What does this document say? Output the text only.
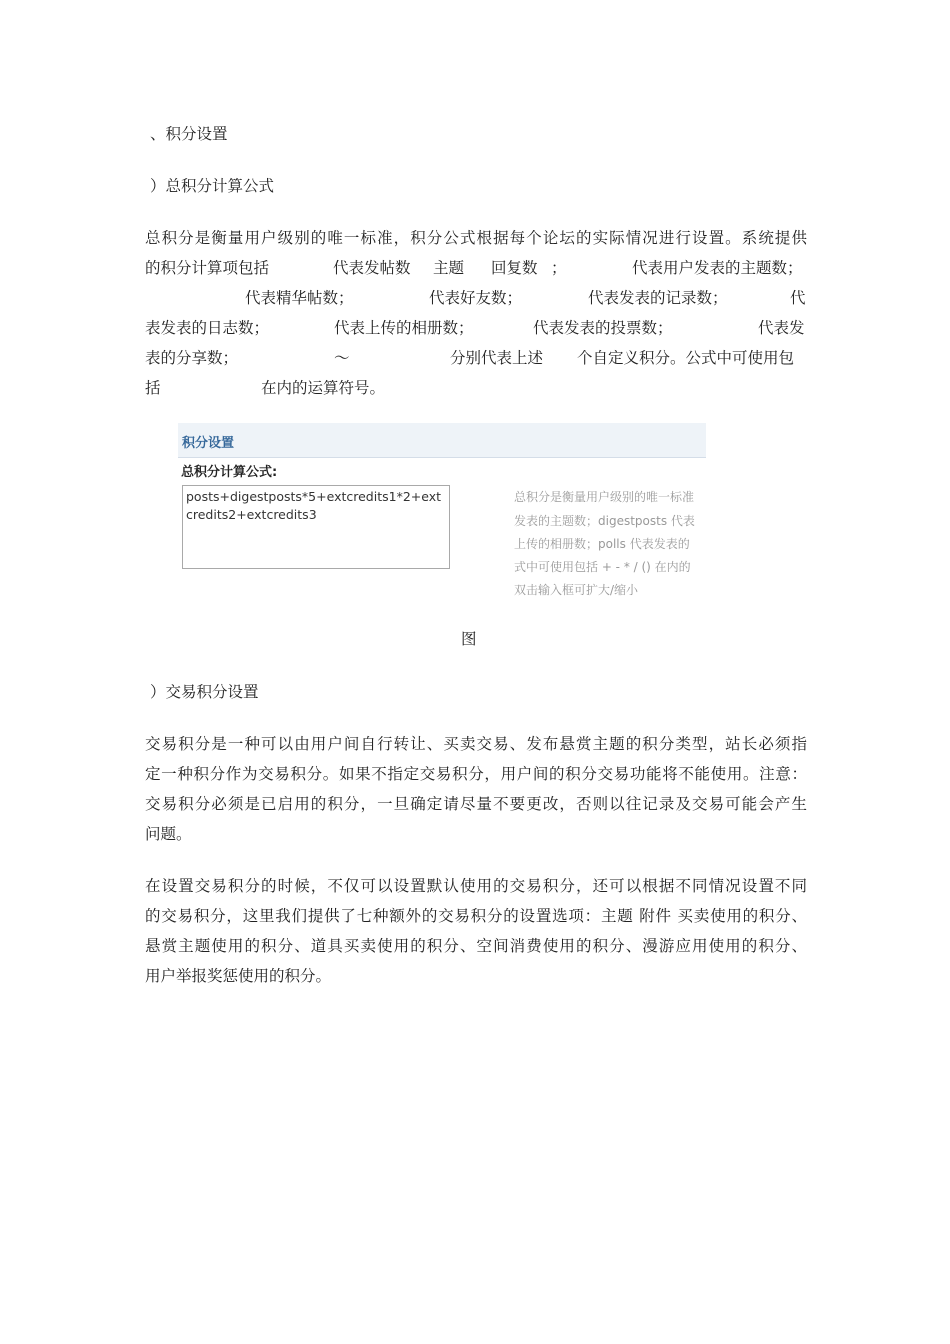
、积分设置
）总积分计算公式
总积分是衡量用户级别的唯一标准，积分公式根据每个论坛的实际情况进行设置。系统提供
的积分计算项包括	代表发帖数 主题 回复数 ；	代表用户发表的主题数；
代表精华帖数；	代表好友数；	代表发表的记录数；	代
表发表的日志数；	代表上传的相册数；	代表发表的投票数；	代表发
表的分享数；	～	分别代表上述 个自定义积分。公式中可使用包
括	在内的运算符号。
积分设置
总积分计算公式:
posts+digestposts*5+extcredits1*2+extcredits2+extcredits3
总积分是衡量用户级别的唯一标准
发表的主题数；digestposts 代表
上传的相册数；polls 代表发表的
式中可使用包括 + - * / () 在内的
双击输入框可扩大/缩小
图
）交易积分设置
交易积分是一种可以由用户间自行转让、买卖交易、发布悬赏主题的积分类型，站长必须指
定一种积分作为交易积分。如果不指定交易积分，用户间的积分交易功能将不能使用。注意：
交易积分必须是已启用的积分，一旦确定请尽量不要更改，否则以往记录及交易可能会产生
问题。
在设置交易积分的时候，不仅可以设置默认使用的交易积分，还可以根据不同情况设置不同
的交易积分，这里我们提供了七种额外的交易积分的设置选项：主题 附件 买卖使用的积分、
悬赏主题使用的积分、道具买卖使用的积分、空间消费使用的积分、漫游应用使用的积分、
用户举报奖惩使用的积分。
